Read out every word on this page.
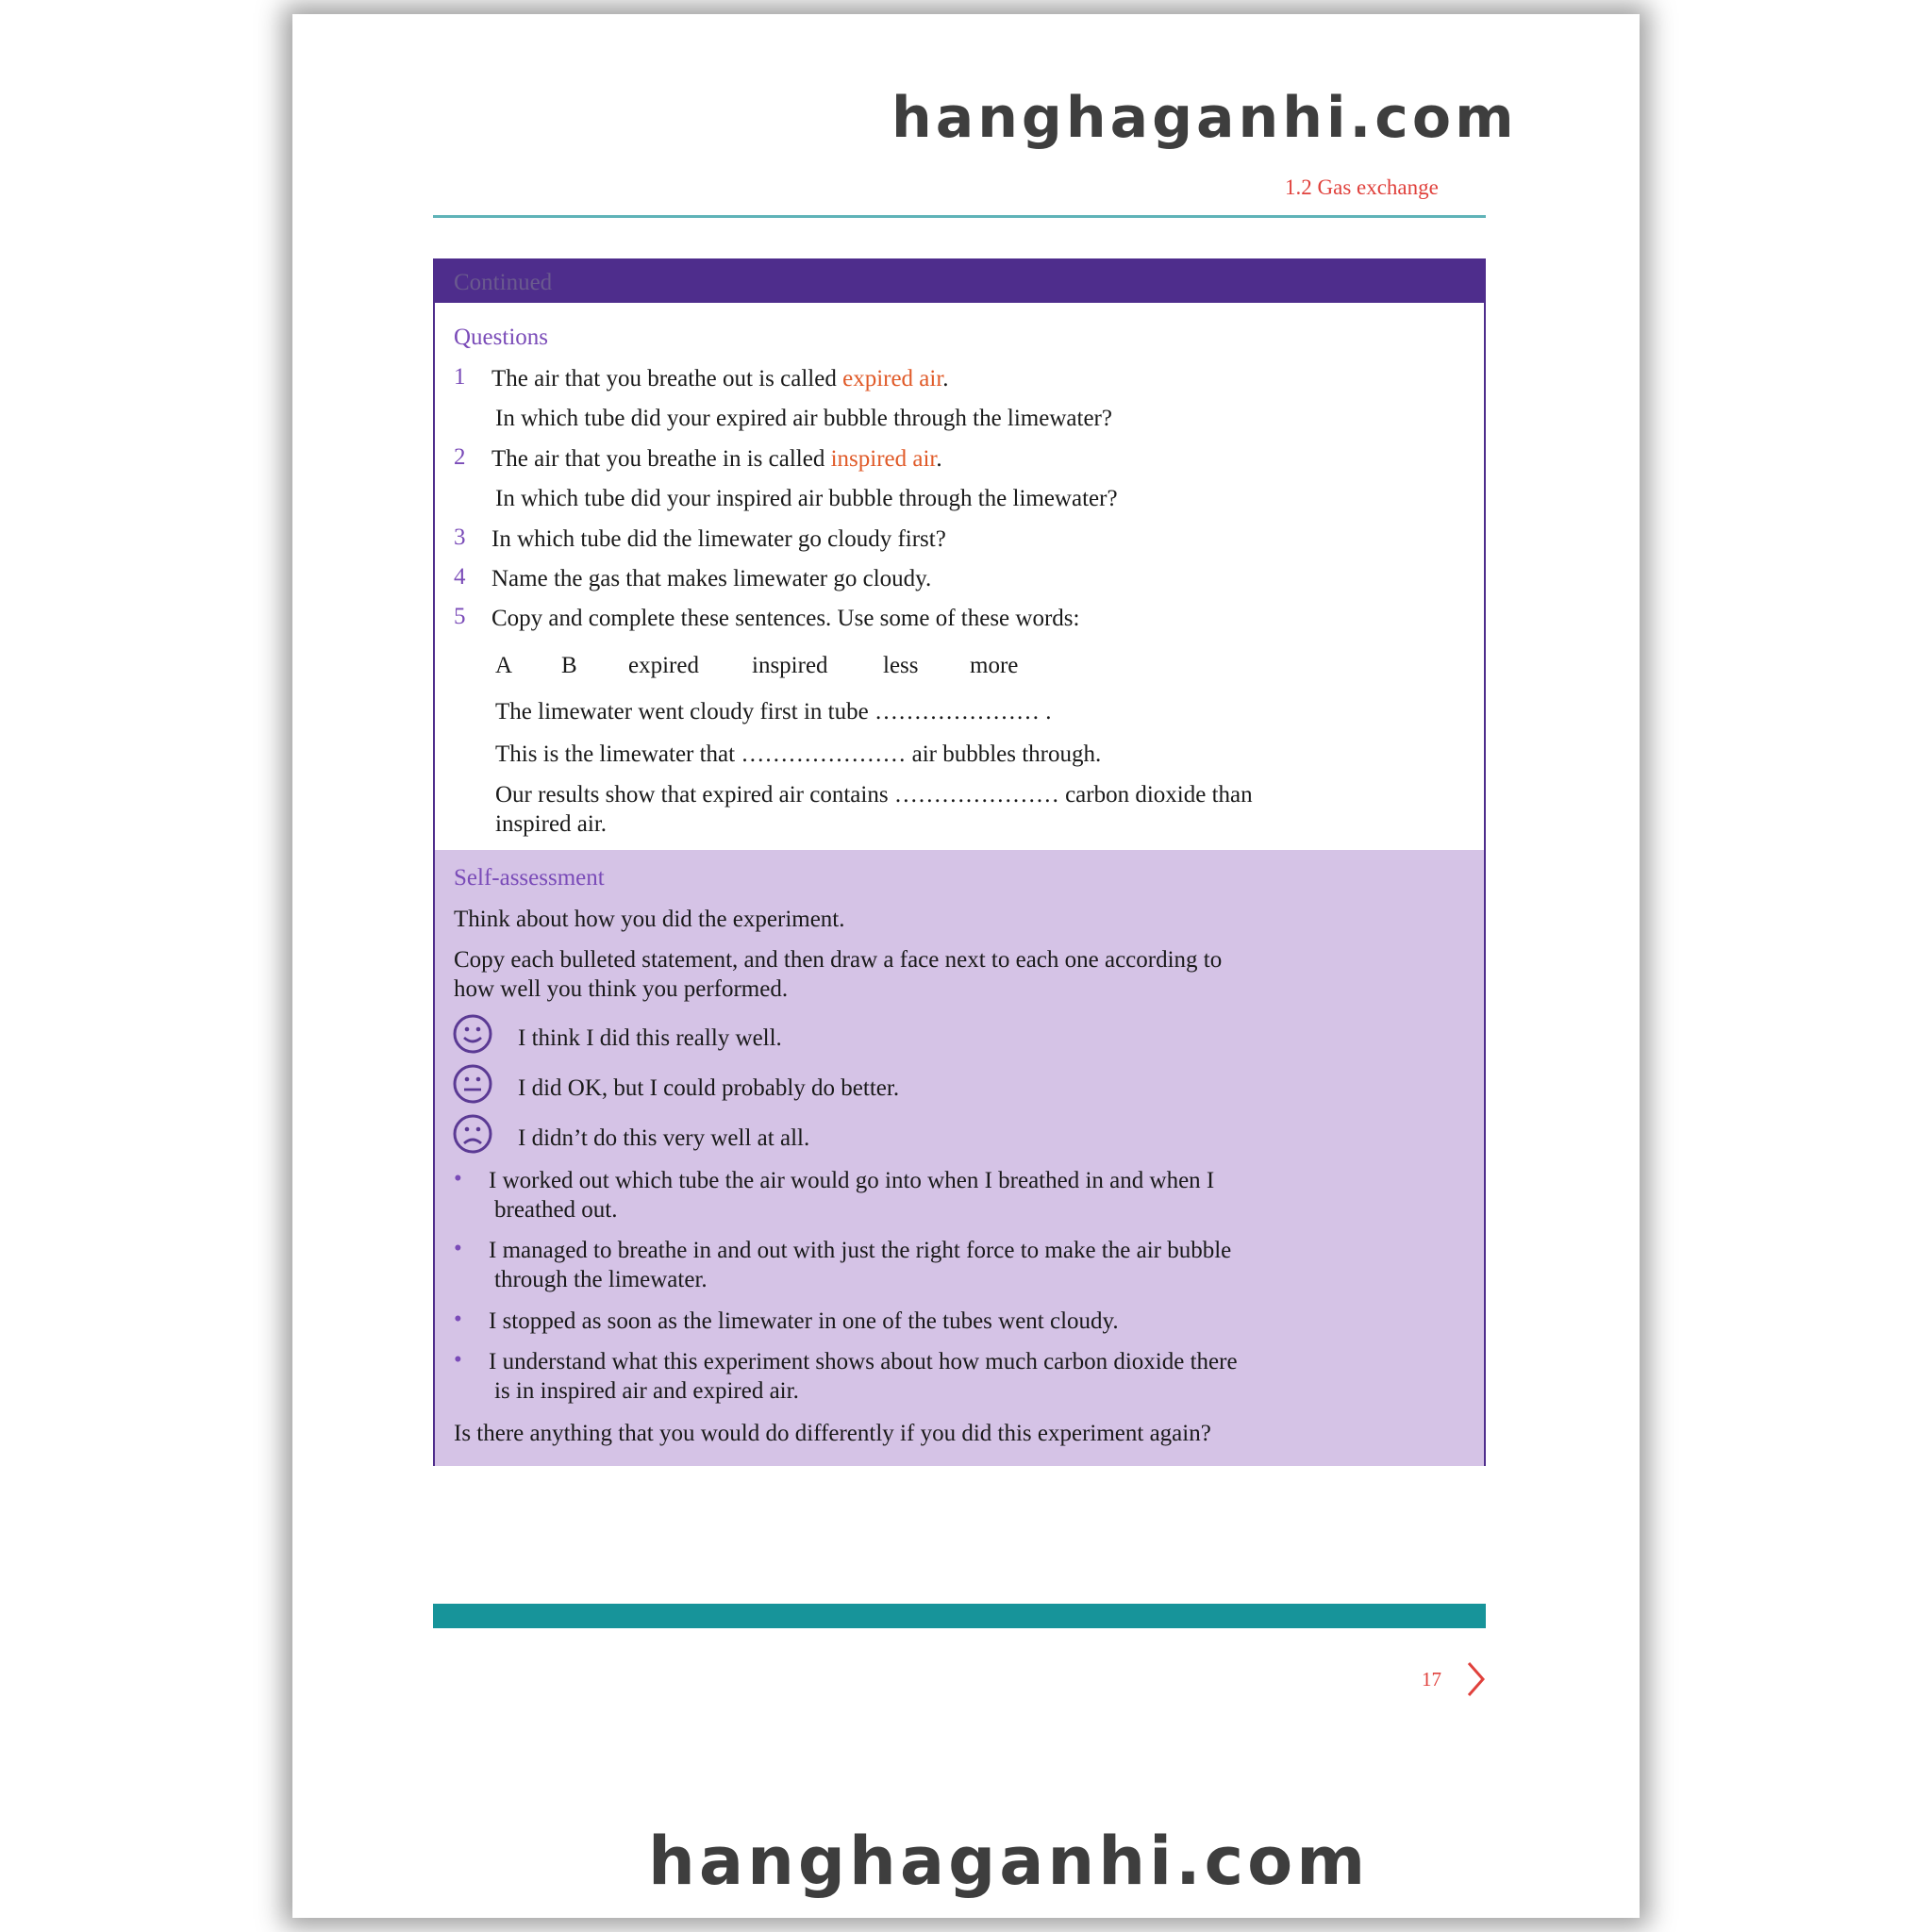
hanghaganhi.com
1.2 Gas exchange
Continued
Questions
1 The air that you breathe out is called expired air.
In which tube did your expired air bubble through the limewater?
2 The air that you breathe in is called inspired air.
In which tube did your inspired air bubble through the limewater?
3 In which tube did the limewater go cloudy first?
4 Name the gas that makes limewater go cloudy.
5 Copy and complete these sentences. Use some of these words:
A B expired inspired less more
The limewater went cloudy first in tube ………………… .
This is the limewater that ………………… air bubbles through.
Our results show that expired air contains ………………… carbon dioxide than
inspired air.
Self-assessment
Think about how you did the experiment.
Copy each bulleted statement, and then draw a face next to each one according to
how well you think you performed.
I think I did this really well.
I did OK, but I could probably do better.
I didn’t do this very well at all.
• I worked out which tube the air would go into when I breathed in and when I
breathed out.
• I managed to breathe in and out with just the right force to make the air bubble
through the limewater.
• I stopped as soon as the limewater in one of the tubes went cloudy.
• I understand what this experiment shows about how much carbon dioxide there
is in inspired air and expired air.
Is there anything that you would do differently if you did this experiment again?
17
hanghaganhi.com
